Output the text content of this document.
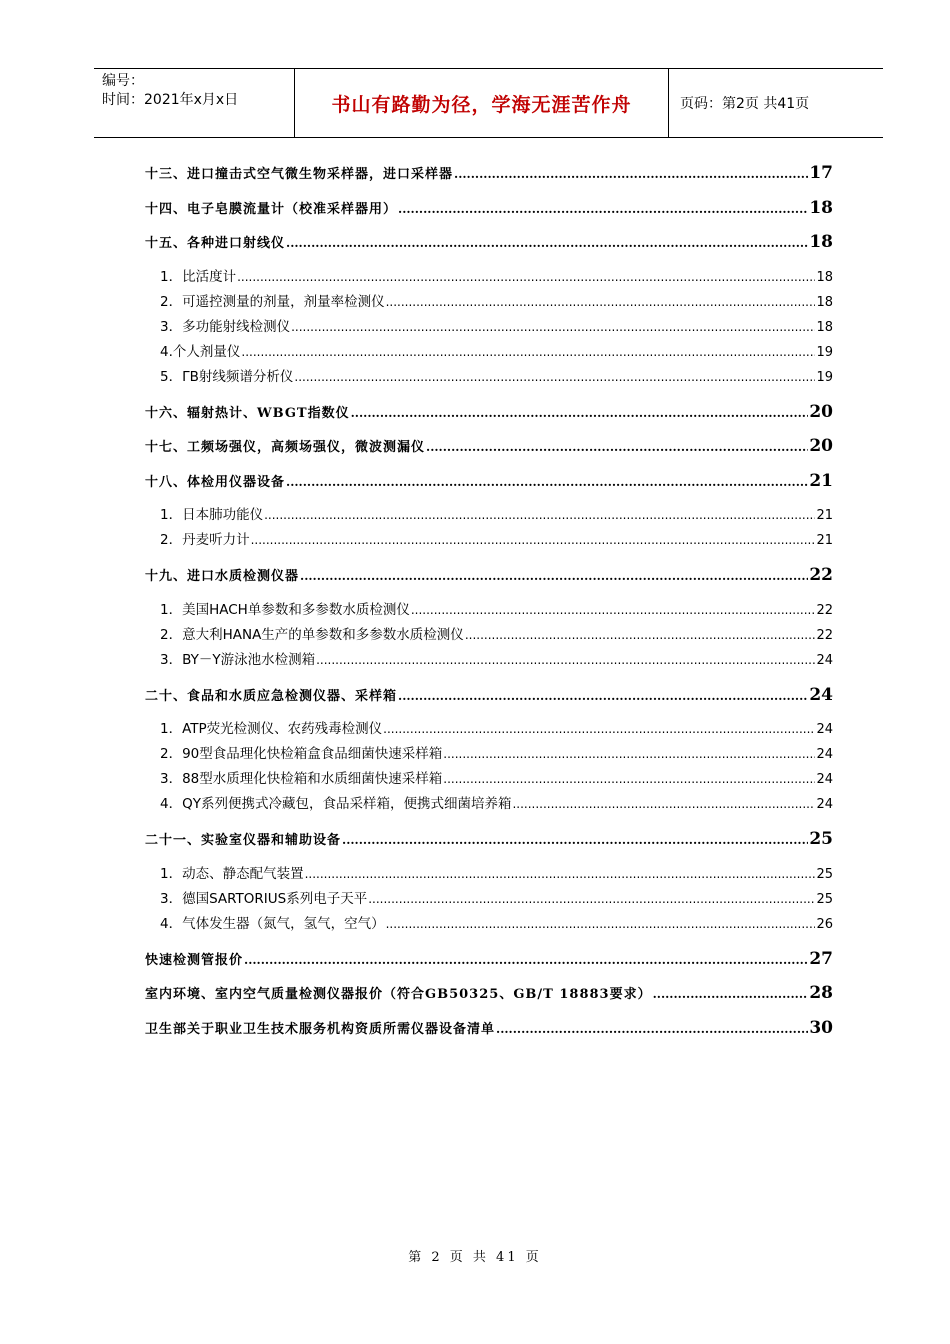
编号：
时间：2021年x月x日	书山有路勤为径，学海无涯苦作舟	页码：第2页 共41页
十三、进口撞击式空气微生物采样器，进口采样器 .....	17
十四、电子皂膜流量计（校准采样器用） .....	18
十五、各种进口射线仪 .....	18
1．比活度计 .....	18
2．可遥控测量的剂量，剂量率检测仪 .....	18
3．多功能射线检测仪 .....	18
4.个人剂量仪 .....	19
5．ΓΒ射线频谱分析仪 .....	19
十六、辐射热计、WBGT指数仪 .....	20
十七、工频场强仪，高频场强仪，微波测漏仪 .....	20
十八、体检用仪器设备 .....	21
1．日本肺功能仪 .....	21
2．丹麦听力计 .....	21
十九、进口水质检测仪器 .....	22
1．美国HACH单参数和多参数水质检测仪 .....	22
2．意大利HANA生产的单参数和多参数水质检测仪 .....	22
3．BY－Y游泳池水检测箱 .....	24
二十、食品和水质应急检测仪器、采样箱 .....	24
1．ATP荧光检测仪、农药残毒检测仪 .....	24
2．90型食品理化快检箱盒食品细菌快速采样箱 .....	24
3．88型水质理化快检箱和水质细菌快速采样箱 .....	24
4．QY系列便携式冷藏包，食品采样箱，便携式细菌培养箱 .....	24
二十一、实验室仪器和辅助设备 .....	25
1．动态、静态配气装置 .....	25
3．德国SARTORIUS系列电子天平 .....	25
4．气体发生器（氮气，氢气，空气） .....	26
快速检测管报价 .....	27
室内环境、室内空气质量检测仪器报价（符合GB50325、GB/T 18883要求） .....	28
卫生部关于职业卫生技术服务机构资质所需仪器设备清单 .....	30
第 2 页 共 41 页
